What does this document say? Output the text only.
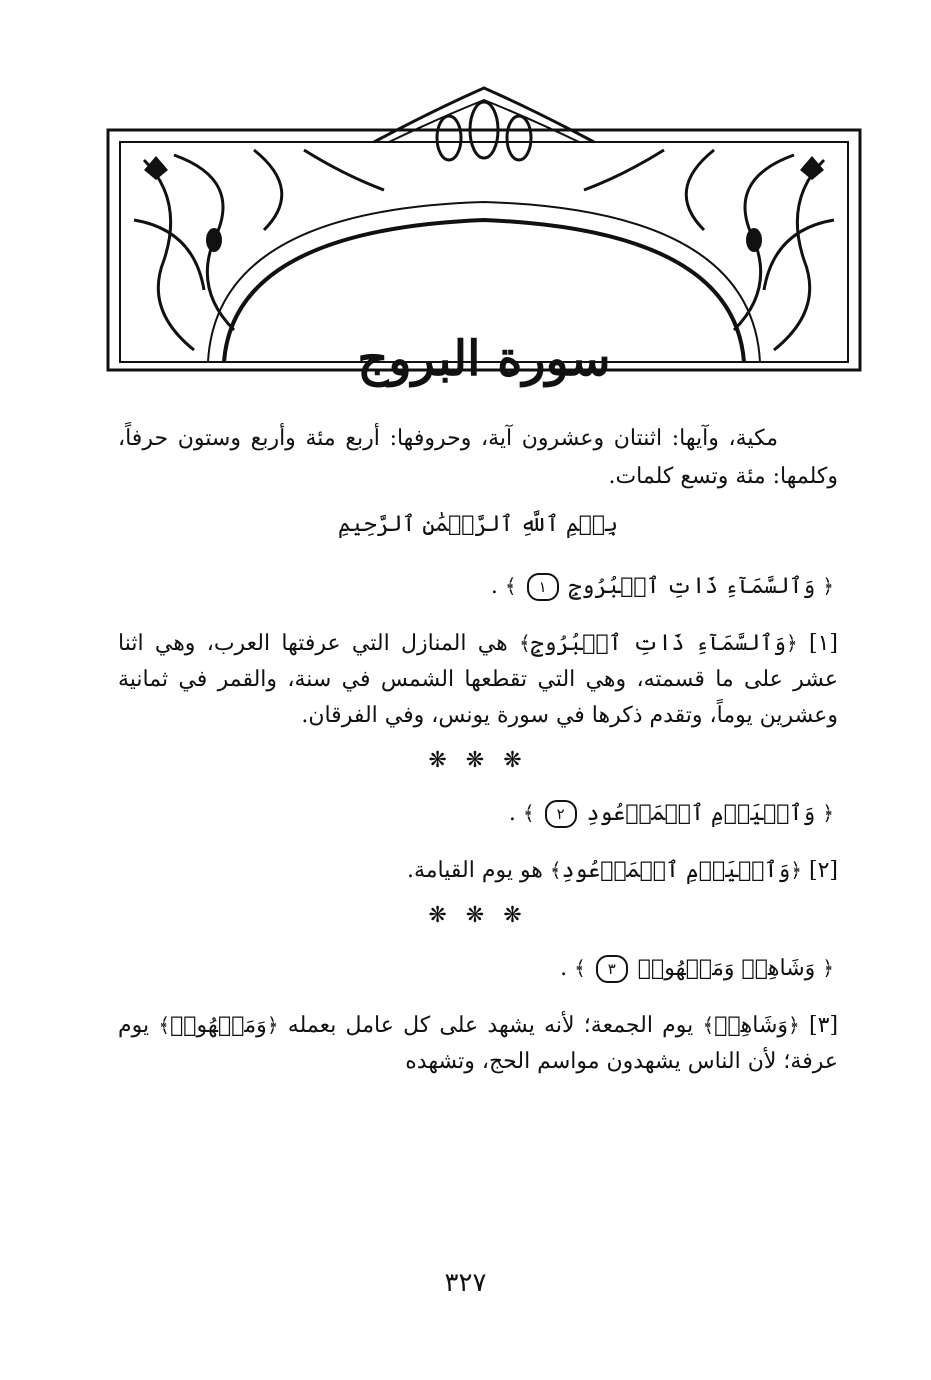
سورة البروج

مكية، وآيها: اثنتان وعشرون آية، وحروفها: أربع مئة وأربع وستون حرفاً، وكلمها: مئة وتسع كلمات.

بِسۡمِ ٱللَّهِ ٱلرَّحۡمَٰنِ ٱلرَّحِيمِ
﴿ وَٱلسَّمَآءِ ذَاتِ ٱلۡبُرُوجِ ١ ﴾ .

[١] ﴿وَٱلسَّمَآءِ ذَاتِ ٱلۡبُرُوجِ﴾ هي المنازل التي عرفتها العرب، وهي اثنا عشر على ما قسمته، وهي التي تقطعها الشمس في سنة، والقمر في ثمانية وعشرين يوماً، وتقدم ذكرها في سورة يونس، وفي الفرقان.

❋ ❋ ❋
﴿ وَٱلۡيَوۡمِ ٱلۡمَوۡعُودِ ٢ ﴾ .

[٢] ﴿وَٱلۡيَوۡمِ ٱلۡمَوۡعُودِ﴾ هو يوم القيامة.

❋ ❋ ❋
﴿ وَشَاهِدٖ وَمَشۡهُودٖ ٣ ﴾ .

[٣] ﴿وَشَاهِدٖ﴾ يوم الجمعة؛ لأنه يشهد على كل عامل بعمله ﴿وَمَشۡهُودٖ﴾ يوم عرفة؛ لأن الناس يشهدون مواسم الحج، وتشهده

٣٢٧
